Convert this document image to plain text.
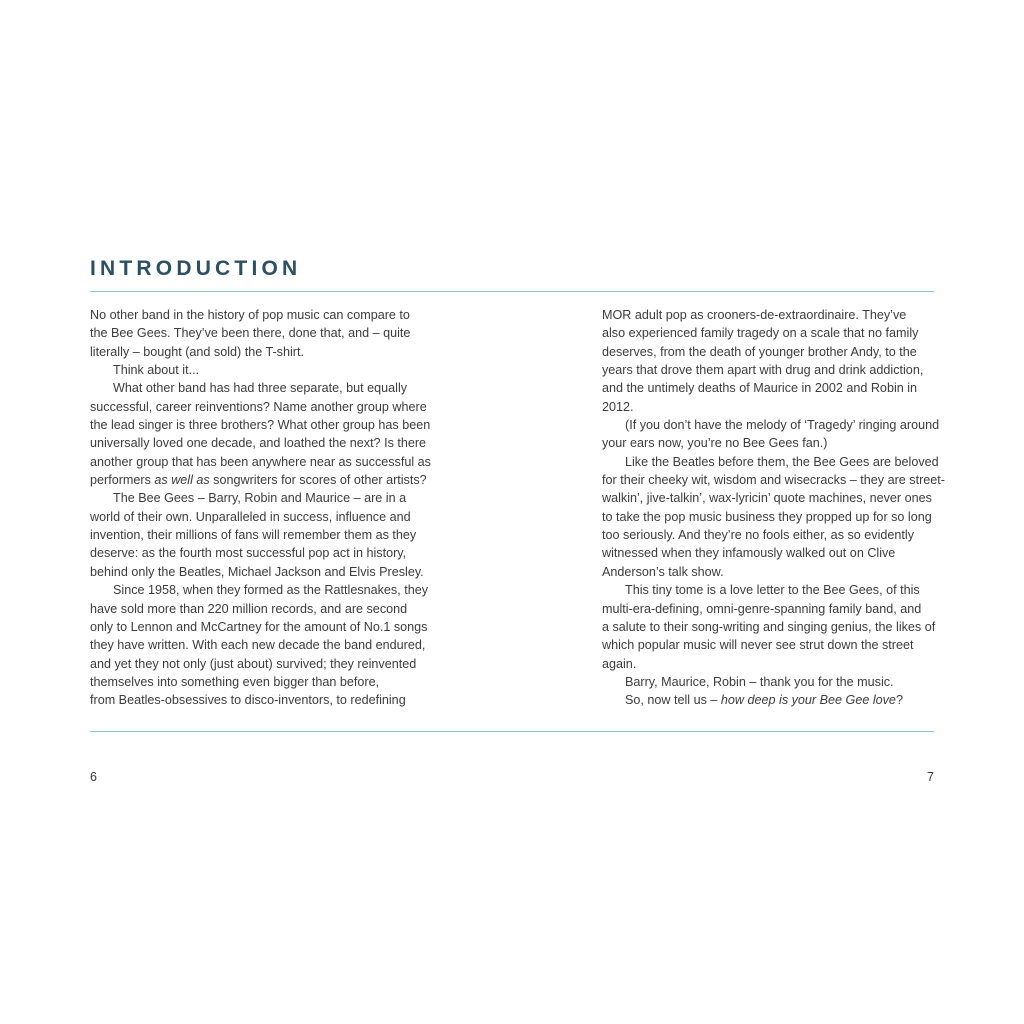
INTRODUCTION
No other band in the history of pop music can compare to
the Bee Gees. They’ve been there, done that, and – quite
literally – bought (and sold) the T-shirt.
Think about it...
What other band has had three separate, but equally
successful, career reinventions? Name another group where
the lead singer is three brothers? What other group has been
universally loved one decade, and loathed the next? Is there
another group that has been anywhere near as successful as
performers as well as songwriters for scores of other artists?
The Bee Gees – Barry, Robin and Maurice – are in a
world of their own. Unparalleled in success, influence and
invention, their millions of fans will remember them as they
deserve: as the fourth most successful pop act in history,
behind only the Beatles, Michael Jackson and Elvis Presley.
Since 1958, when they formed as the Rattlesnakes, they
have sold more than 220 million records, and are second
only to Lennon and McCartney for the amount of No.1 songs
they have written. With each new decade the band endured,
and yet they not only (just about) survived; they reinvented
themselves into something even bigger than before,
from Beatles-obsessives to disco-inventors, to redefining
MOR adult pop as crooners-de-extraordinaire. They’ve
also experienced family tragedy on a scale that no family
deserves, from the death of younger brother Andy, to the
years that drove them apart with drug and drink addiction,
and the untimely deaths of Maurice in 2002 and Robin in
2012.
(If you don’t have the melody of ‘Tragedy’ ringing around
your ears now, you’re no Bee Gees fan.)
Like the Beatles before them, the Bee Gees are beloved
for their cheeky wit, wisdom and wisecracks – they are street-
walkin’, jive-talkin’, wax-lyricin’ quote machines, never ones
to take the pop music business they propped up for so long
too seriously. And they’re no fools either, as so evidently
witnessed when they infamously walked out on Clive
Anderson’s talk show.
This tiny tome is a love letter to the Bee Gees, of this
multi-era-defining, omni-genre-spanning family band, and
a salute to their song-writing and singing genius, the likes of
which popular music will never see strut down the street
again.
Barry, Maurice, Robin – thank you for the music.
So, now tell us – how deep is your Bee Gee love?
6	7
